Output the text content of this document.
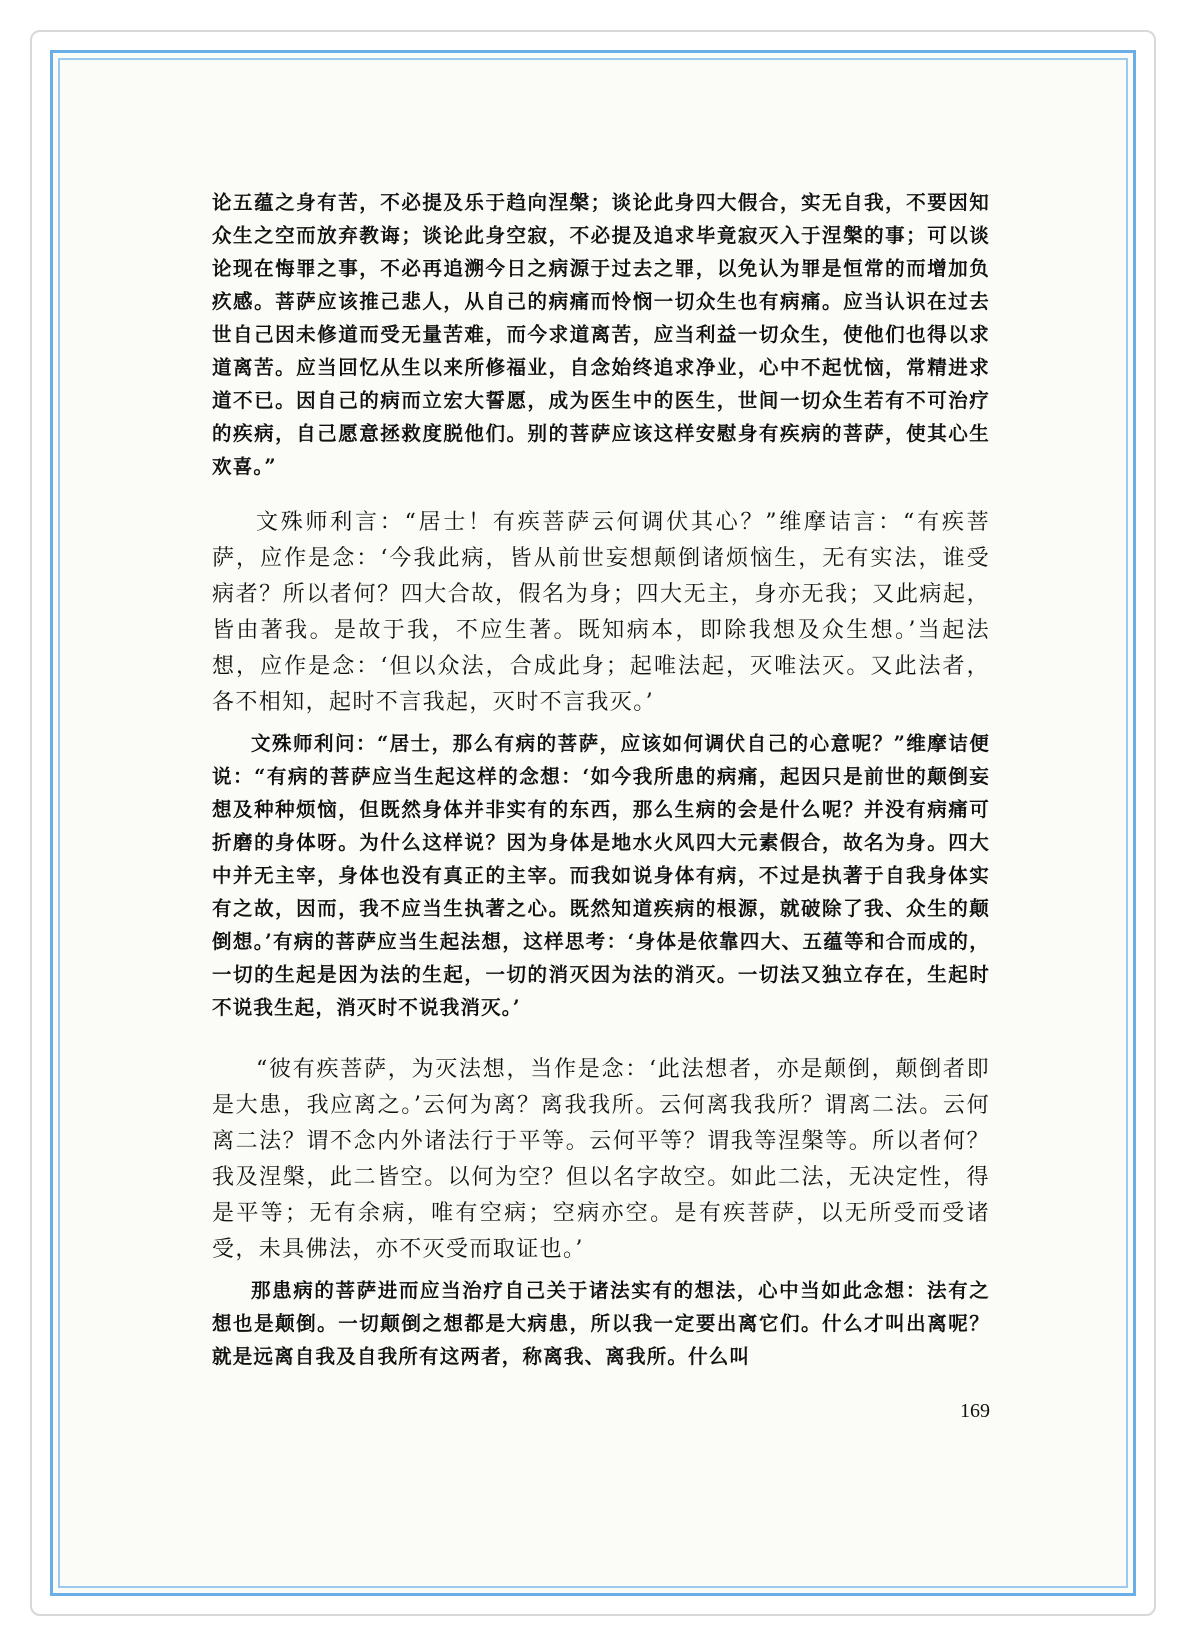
论五蕴之身有苦，不必提及乐于趋向涅槃；谈论此身四大假合，实无自我，不要因知众生之空而放弃教诲；谈论此身空寂，不必提及追求毕竟寂灭入于涅槃的事；可以谈论现在悔罪之事，不必再追溯今日之病源于过去之罪，以免认为罪是恒常的而增加负疚感。菩萨应该推己悲人，从自己的病痛而怜悯一切众生也有病痛。应当认识在过去世自己因未修道而受无量苦难，而今求道离苦，应当利益一切众生，使他们也得以求道离苦。应当回忆从生以来所修福业，自念始终追求净业，心中不起忧恼，常精进求道不已。因自己的病而立宏大誓愿，成为医生中的医生，世间一切众生若有不可治疗的疾病，自己愿意拯救度脱他们。别的菩萨应该这样安慰身有疾病的菩萨，使其心生欢喜。”

文殊师利言：“居士！有疾菩萨云何调伏其心？”维摩诘言：“有疾菩萨，应作是念：‘今我此病，皆从前世妄想颠倒诸烦恼生，无有实法，谁受病者？所以者何？四大合故，假名为身；四大无主，身亦无我；又此病起，皆由著我。是故于我，不应生著。既知病本，即除我想及众生想。’当起法想，应作是念：‘但以众法，合成此身；起唯法起，灭唯法灭。又此法者，各不相知，起时不言我起，灭时不言我灭。’

文殊师利问：“居士，那么有病的菩萨，应该如何调伏自己的心意呢？”维摩诘便说：“有病的菩萨应当生起这样的念想：‘如今我所患的病痛，起因只是前世的颠倒妄想及种种烦恼，但既然身体并非实有的东西，那么生病的会是什么呢？并没有病痛可折磨的身体呀。为什么这样说？因为身体是地水火风四大元素假合，故名为身。四大中并无主宰，身体也没有真正的主宰。而我如说身体有病，不过是执著于自我身体实有之故，因而，我不应当生执著之心。既然知道疾病的根源，就破除了我、众生的颠倒想。’有病的菩萨应当生起法想，这样思考：‘身体是依靠四大、五蕴等和合而成的，一切的生起是因为法的生起，一切的消灭因为法的消灭。一切法又独立存在，生起时不说我生起，消灭时不说我消灭。’

“彼有疾菩萨，为灭法想，当作是念：‘此法想者，亦是颠倒，颠倒者即是大患，我应离之。’云何为离？离我我所。云何离我我所？谓离二法。云何离二法？谓不念内外诸法行于平等。云何平等？谓我等涅槃等。所以者何？我及涅槃，此二皆空。以何为空？但以名字故空。如此二法，无决定性，得是平等；无有余病，唯有空病；空病亦空。是有疾菩萨，以无所受而受诸受，未具佛法，亦不灭受而取证也。’

那患病的菩萨进而应当治疗自己关于诸法实有的想法，心中当如此念想：法有之想也是颠倒。一切颠倒之想都是大病患，所以我一定要出离它们。什么才叫出离呢？就是远离自我及自我所有这两者，称离我、离我所。什么叫

169
